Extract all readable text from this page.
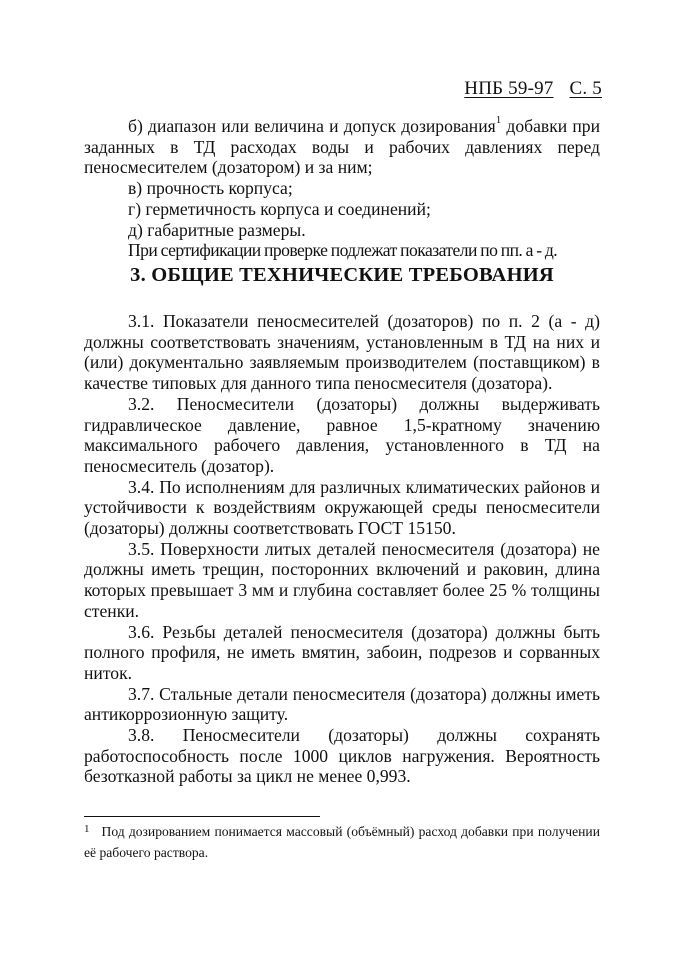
НПБ 59-97 С. 5

б) диапазон или величина и допуск дозирования$^1$ добавки при заданных в ТД расходах воды и рабочих давлениях перед пеносмесителем (дозатором) и за ним;

в) прочность корпуса;

г) герметичность корпуса и соединений;

д) габаритные размеры.

При сертификации проверке подлежат показатели по пп. а - д.

3. ОБЩИЕ ТЕХНИЧЕСКИЕ ТРЕБОВАНИЯ

3.1. Показатели пеносмесителей (дозаторов) по п. 2 (а - д) должны соответствовать значениям, установленным в ТД на них и (или) документально заявляемым производителем (поставщиком) в качестве типовых для данного типа пеносмесителя (дозатора).

3.2. Пеносмесители (дозаторы) должны выдерживать гидравлическое давление, равное 1,5-кратному значению максимального рабочего давления, установленного в ТД на пеносмеситель (дозатор).

3.4. По исполнениям для различных климатических районов и устойчивости к воздействиям окружающей среды пеносмесители (дозаторы) должны соответствовать ГОСТ 15150.

3.5. Поверхности литых деталей пеносмесителя (дозатора) не должны иметь трещин, посторонних включений и раковин, длина которых превышает 3 мм и глубина составляет более 25 % толщины стенки.

3.6. Резьбы деталей пеносмесителя (дозатора) должны быть полного профиля, не иметь вмятин, забоин, подрезов и сорванных ниток.

3.7. Стальные детали пеносмесителя (дозатора) должны иметь антикоррозионную защиту.

3.8. Пеносмесители (дозаторы) должны сохранять работоспособность после 1000 циклов нагружения. Вероятность безотказной работы за цикл не менее 0,993.

$^1$ Под дозированием понимается массовый (объёмный) расход добавки при получении её рабочего раствора.
